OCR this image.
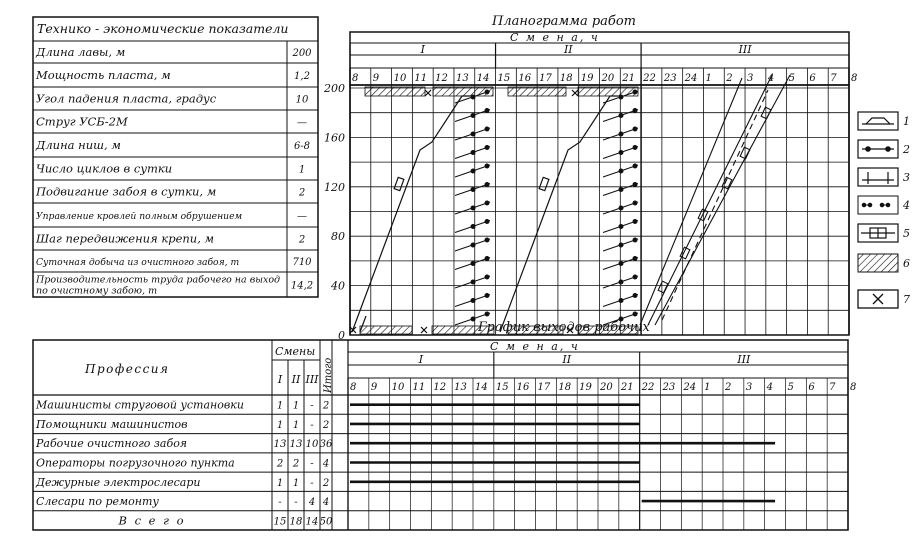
Технико - экономические показатели
Длина лавы, м	200
Мощность пласта, м	1,2
Угол падения пласта, градус	10
Струг УСБ-2М	—
Длина ниш, м	6-8
Число циклов в сутки	1
Подвигание забоя в сутки, м	2
Управление кровлей полным обрушением	—
Шаг передвижения крепи, м	2
Суточная добыча из очистного забоя, т	710
Производительность труда рабочего на выход по очистному забою, т	14,2
Планограмма работ
С м е н а, ч
I	II	III
8 9 10 11 12 13 14 15 16 17 18 19 20 21 22 23 24 1 2 3 4 5 6 7 8
0
40
80
120
160
200
1
2
3
4
5
6
7
График выходов рабочих
Профессия
Смены
Итого
I II III
С м е н а, ч
I	II	III
8 9 10 11 12 13 14 15 16 17 18 19 20 21 22 23 24 1 2 3 4 5 6 7 8
Машинисты струговой установки	1 1 - 2
Помощники машинистов	1 1 - 2
Рабочие очистного забоя	13 13 10 36
Операторы погрузочного пункта	2 2 - 4
Дежурные электрослесари	1 1 - 2
Слесари по ремонту	- - 4 4
В с е г о	15 18 14 50
